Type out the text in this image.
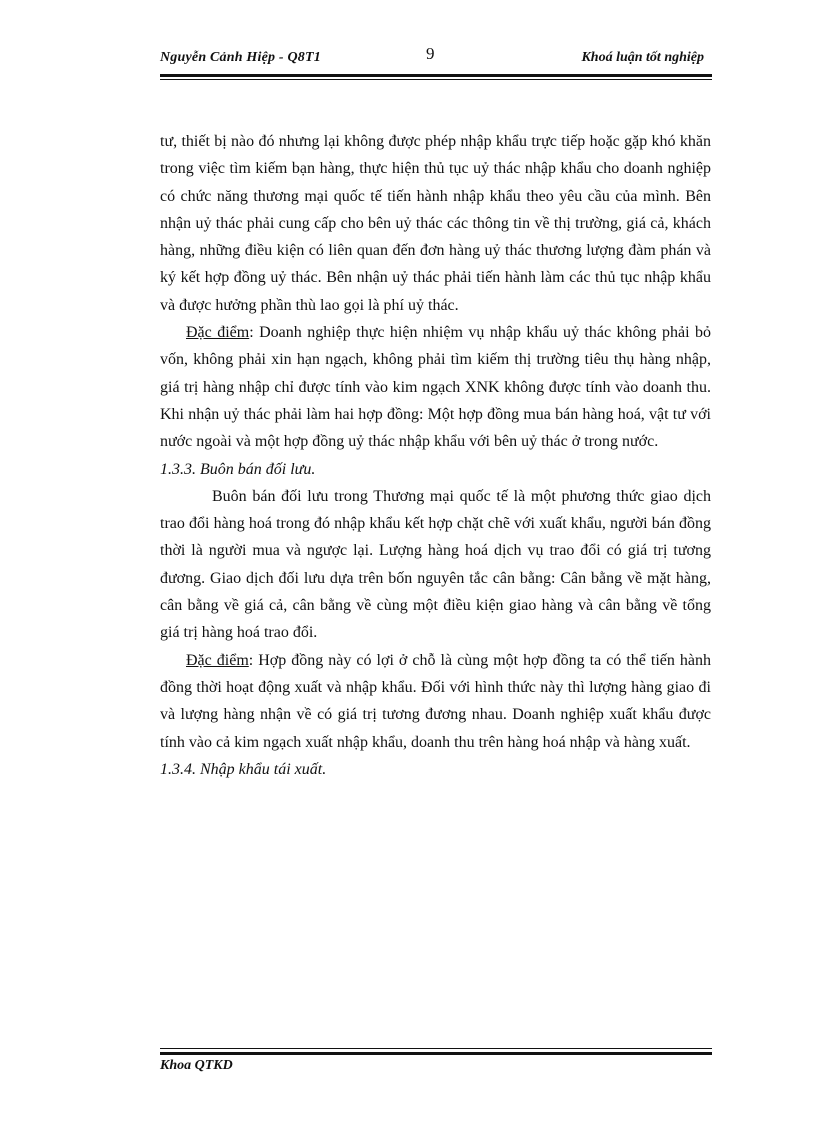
Nguyễn Cảnh Hiệp - Q8T1	9	Khoá luận tốt nghiệp

tư, thiết bị nào đó nhưng lại không được phép nhập khẩu trực tiếp hoặc gặp khó khăn trong việc tìm kiếm bạn hàng, thực hiện thủ tục uỷ thác nhập khẩu cho doanh nghiệp có chức năng thương mại quốc tế tiến hành nhập khẩu theo yêu cầu của mình. Bên nhận uỷ thác phải cung cấp cho bên uỷ thác các thông tin về thị trường, giá cả, khách hàng, những điều kiện có liên quan đến đơn hàng uỷ thác thương lượng đàm phán và ký kết hợp đồng uỷ thác. Bên nhận uỷ thác phải tiến hành làm các thủ tục nhập khẩu và được hưởng phần thù lao gọi là phí uỷ thác.

Đặc điểm: Doanh nghiệp thực hiện nhiệm vụ nhập khẩu uỷ thác không phải bỏ vốn, không phải xin hạn ngạch, không phải tìm kiếm thị trường tiêu thụ hàng nhập, giá trị hàng nhập chỉ được tính vào kim ngạch XNK không được tính vào doanh thu. Khi nhận uỷ thác phải làm hai hợp đồng: Một hợp đồng mua bán hàng hoá, vật tư với nước ngoài và một hợp đồng uỷ thác nhập khẩu với bên uỷ thác ở trong nước.

1.3.3. Buôn bán đối lưu.

Buôn bán đối lưu trong Thương mại quốc tế là một phương thức giao dịch trao đổi hàng hoá trong đó nhập khẩu kết hợp chặt chẽ với xuất khẩu, người bán đồng thời là người mua và ngược lại. Lượng hàng hoá dịch vụ trao đổi có giá trị tương đương. Giao dịch đối lưu dựa trên bốn nguyên tắc cân bằng: Cân bằng về mặt hàng, cân bằng về giá cả, cân bằng về cùng một điều kiện giao hàng và cân bằng về tổng giá trị hàng hoá trao đổi.

Đặc điểm: Hợp đồng này có lợi ở chỗ là cùng một hợp đồng ta có thể tiến hành đồng thời hoạt động xuất và nhập khẩu. Đối với hình thức này thì lượng hàng giao đi và lượng hàng nhận về có giá trị tương đương nhau. Doanh nghiệp xuất khẩu được tính vào cả kim ngạch xuất nhập khẩu, doanh thu trên hàng hoá nhập và hàng xuất.

1.3.4. Nhập khẩu tái xuất.

Khoa QTKD
